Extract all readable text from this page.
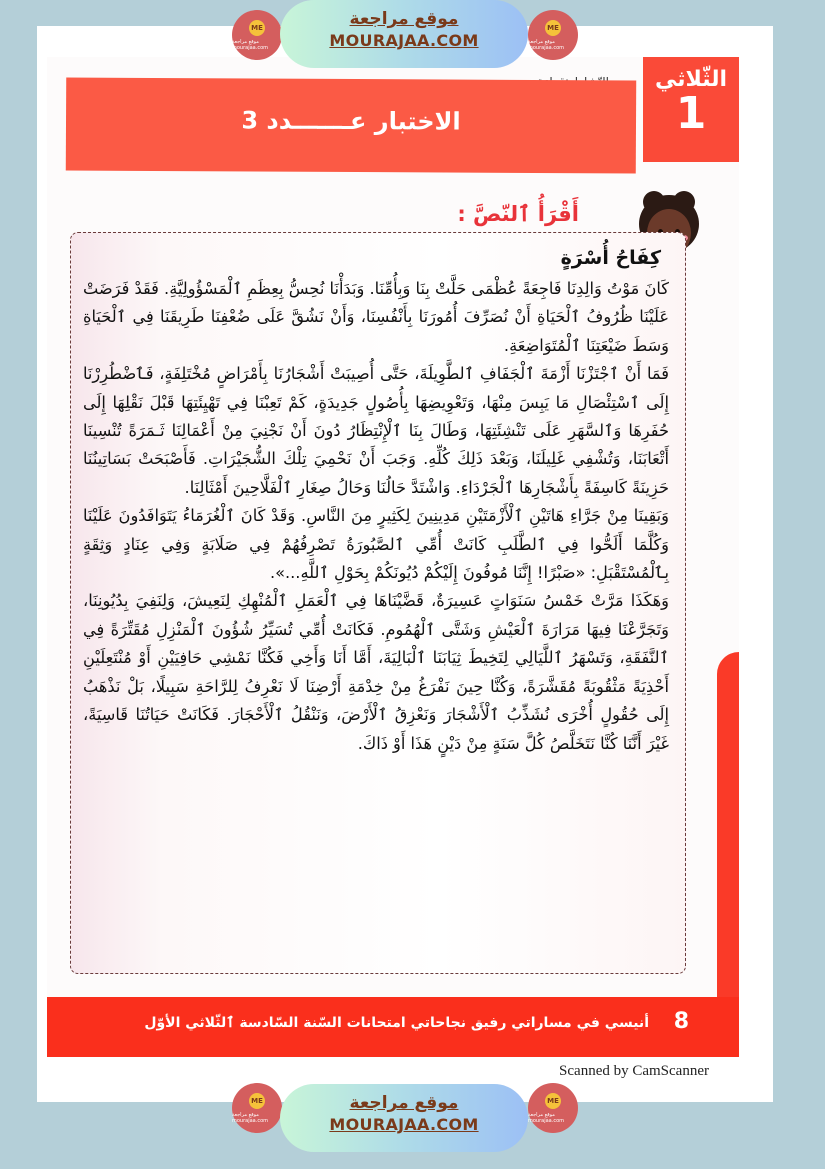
ME
موقع مراجعة mourajaa.com
موقع مراجعة
MOURAJAA.COM
ME
موقع مراجعة mourajaa.com
الثّلاثي
1
الاختبار عـــــــدد 3
أَقْرَأُ ٱلنّصَّ :
كِفَاحُ أُسْرَةٍ

كَانَ مَوْتُ وَالِدِنَا فَاجِعَةً عُظْمَى حَلَّتْ بِنَا وَبِأُمِّنَا. وَبَدَأْنَا نُحِسُّ بِعِظَمِ ٱلْمَسْؤُولِيَّةِ. فَقَدْ فَرَضَتْ عَلَيْنَا ظُرُوفُ ٱلْحَيَاةِ أَنْ نُصَرِّفَ أُمُورَنَا بِأَنْفُسِنَا، وَأَنْ نَشُقَّ عَلَى ضُعْفِنَا طَرِيقَنَا فِي ٱلْحَيَاةِ وَسَطَ ضَيْعَتِنَا ٱلْمُتَوَاضِعَةِ.

فَمَا أَنْ ٱجْتَزْنَا أَزْمَةَ ٱلْجَفَافِ ٱلطَّوِيلَةَ، حَتَّى أُصِيبَتْ أَشْجَارُنَا بِأَمْرَاضٍ مُخْتَلِفَةٍ، فَٱضْطُرِرْنَا إِلَى ٱسْتِئْصَالِ مَا يَبِسَ مِنْهَا، وَتَعْوِيضِهَا بِأُصُولٍ جَدِيدَةٍ، كَمْ تَعِبْنَا فِي تَهْيِئَتِهَا قَبْلَ نَقْلِهَا إِلَى حُفَرِهَا وَٱلسَّهَرِ عَلَى تَنْشِئَتِهَا، وَطَالَ بِنَا ٱلْإِنْتِظَارُ دُونَ أَنْ نَجْنِيَ مِنْ أَعْمَالِنَا ثَـمَرَةً تُنْسِينَا أَتْعَابَنَا، وَتُشْفِي غَلِيلَنَا، وَبَعْدَ ذَلِكَ كُلِّهِ. وَجَبَ أَنْ نَحْمِيَ تِلْكَ الشُّجَيْرَاتِ. فَأَصْبَحَتْ بَسَاتِينُنَا حَزِينَةً كَاسِفَةً بِأَشْجَارِهَا ٱلْجَرْدَاءِ. وَاشْتَدَّ حَالُنَا وَحَالُ صِغَارِ ٱلْفَلَّاحِينَ أَمْثَالِنَا.

وَبَقِينَا مِنْ جَرَّاءِ هَاتَيْنِ ٱلْأَزْمَتَيْنِ مَدِينِينَ لِكَثِيرٍ مِنَ النَّاسِ. وَقَدْ كَانَ ٱلْغُرَمَاءُ يَتَوَافَدُونَ عَلَيْنَا وَكُلَّمَا أَلَحُّوا فِي ٱلطَّلَبِ كَانَتْ أُمِّي ٱلصَّبُورَةُ تَصْرِفُهُمْ فِي صَلَابَةٍ وَفِي عِنَادٍ وَثِقَةٍ بِٱلْمُسْتَقْبَلِ: «صَبْرًا! إِنَّنَا مُوفُونَ إِلَيْكُمْ دُيُونَكُمْ بِحَوْلِ ٱللَّهِ...».

وَهَكَذَا مَرَّتْ خَمْسُ سَنَوَاتٍ عَسِيرَةٌ، قَضَّيْنَاهَا فِي ٱلْعَمَلِ ٱلْمُنْهِكِ لِنَعِيشَ، وَلِنَفِيَ بِدُيُونِنَا، وَتَجَرَّعْنَا فِيهَا مَرَارَةَ ٱلْعَيْشِ وَشَتَّى ٱلْهُمُومِ. فَكَانَتْ أُمِّي تُسَيِّرُ شُؤُونَ ٱلْمَنْزِلِ مُقَتِّرَةً فِي ٱلنَّفَقَةِ، وَتَسْهَرُ ٱللَّيَالِي لِتَخِيطَ ثِيَابَنَا ٱلْبَالِيَةَ، أَمَّا أَنَا وَأَخِي فَكُنَّا نَمْشِي حَافِيَيْنِ أَوْ مُنْتَعِلَيْنِ أَحْذِيَةً مَثْقُوبَةً مُقَشَّرَةً، وَكُنَّا حِينَ نَفْرَغُ مِنْ خِدْمَةِ أَرْضِنَا لَا نَعْرِفُ لِلرَّاحَةِ سَبِيلًا، بَلْ نَذْهَبُ إِلَى حُقُولٍ أُخْرَى نُشَذِّبُ ٱلْأَشْجَارَ وَنَعْزِقُ ٱلْأَرْضَ، وَنَنْقُلُ ٱلْأَحْجَارَ. فَكَانَتْ حَيَاتُنَا قَاسِيَةً، غَيْرَ أَنَّنَا كُنَّا نَتَخَلَّصُ كُلَّ سَنَةٍ مِنْ دَيْنٍ هَذَا أَوْ ذَاكَ.

8
أنيسي في مساراتي رفيق نجاحاتي امتحانات السّنة السّادسة ٱلثّلاثي الأوّل
Scanned by CamScanner
ME
موقع مراجعة mourajaa.com
موقع مراجعة
MOURAJAA.COM
ME
موقع مراجعة mourajaa.com
